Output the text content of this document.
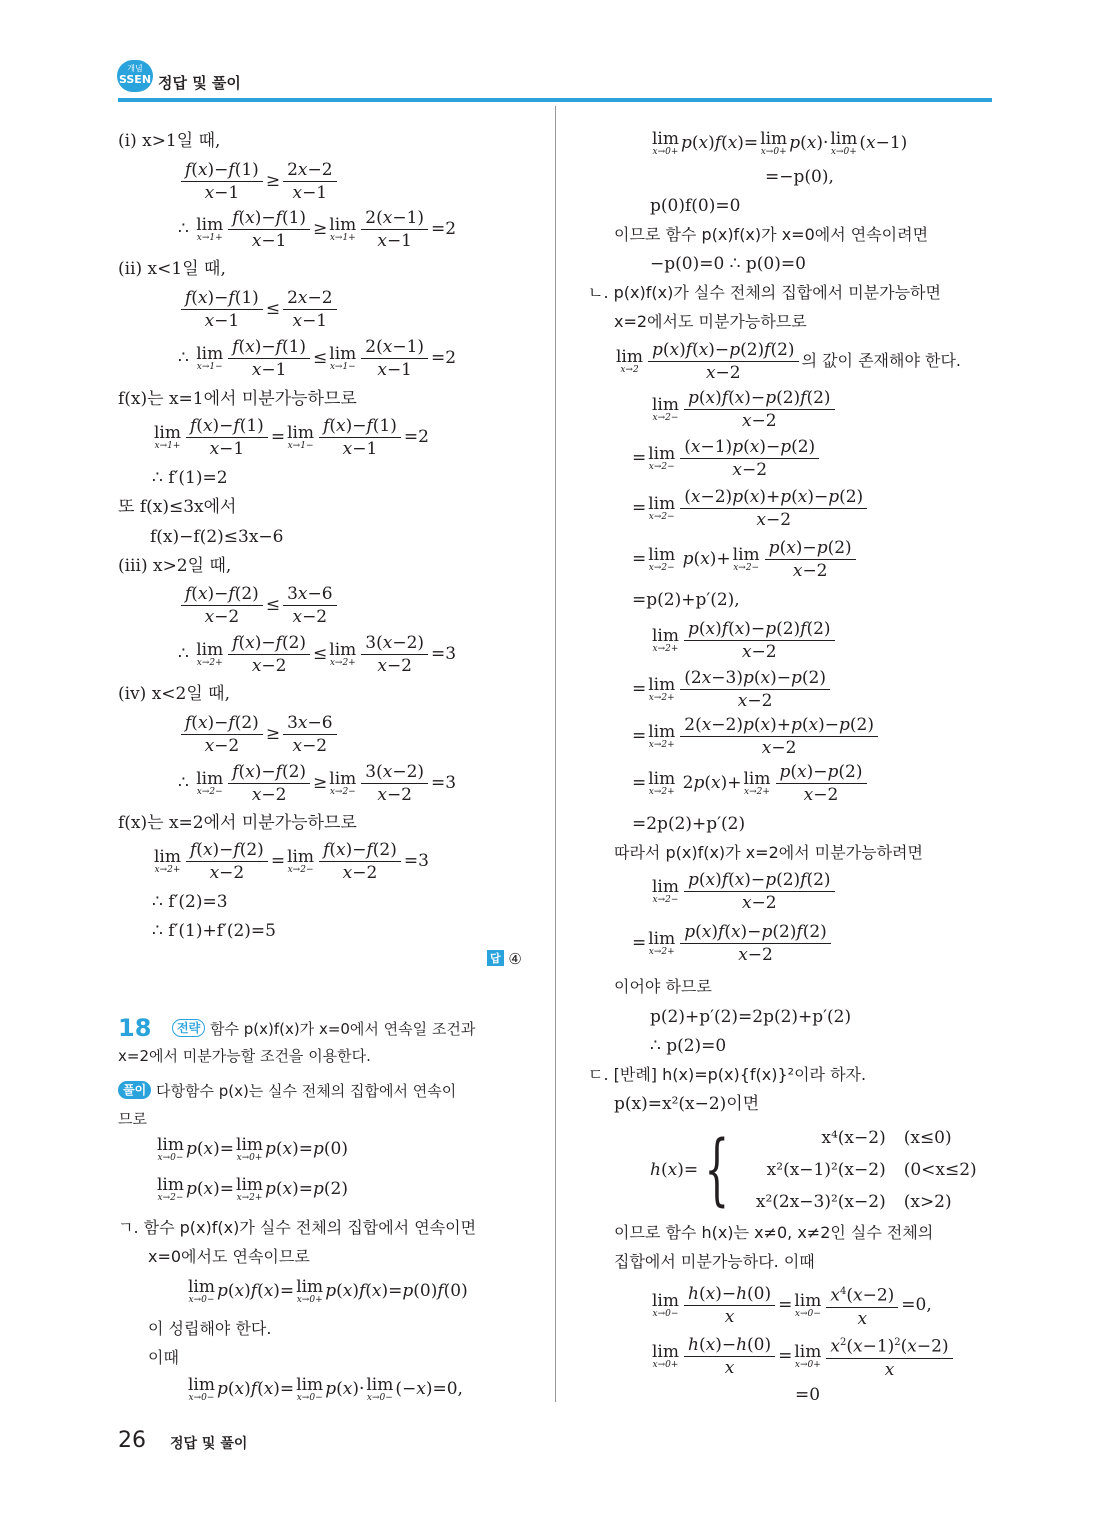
개념
SSEN 정답 및 풀이
(ⅰ) x>1일 때,
$\frac{f(x)-f(1)}{x-1} \ge \frac{2x-2}{x-1}$
∴ lim
$x\to 1+ \frac{f(x)-f(1)}{x-1} \ge \lim$
$x\to 1+ \frac{2(x-1)}{x-1} =2$
(ⅱ) x<1일 때,
$\frac{f(x)-f(1)}{x-1} \le \frac{2x-2}{x-1}$
∴ lim
$x\to 1- \frac{f(x)-f(1)}{x-1} \le \lim$
$x\to 1- \frac{2(x-1)}{x-1} =2$
f(x)는 x=1에서 미분가능하므로
lim
$x\to 1+ \frac{f(x)-f(1)}{x-1} = \lim$
$x\to 1- \frac{f(x)-f(1)}{x-1} =2$
∴ f′(1)=2
또 f(x)≤3x에서
f(x)−f(2)≤3x−6
(ⅲ) x>2일 때,
$\frac{f(x)-f(2)}{x-2} \le \frac{3x-6}{x-2}$
∴ lim
$x\to 2+ \frac{f(x)-f(2)}{x-2} \le \lim$
$x\to 2+ \frac{3(x-2)}{x-2} =3$
(ⅳ) x<2일 때,
$\frac{f(x)-f(2)}{x-2} \ge \frac{3x-6}{x-2}$
∴ lim
$x\to 2- \frac{f(x)-f(2)}{x-2} \ge \lim$
$x\to 2- \frac{3(x-2)}{x-2} =3$
f(x)는 x=2에서 미분가능하므로
lim
$x\to 2+ \frac{f(x)-f(2)}{x-2} = \lim$
$x\to 2- \frac{f(x)-f(2)}{x-2} =3$
∴ f′(2)=3
∴ f′(1)+f′(2)=5
답 ④
18	전략 함수 p(x)f(x)가 x=0에서 연속일 조건과
x=2에서 미분가능할 조건을 이용한다.
풀이 다항함수 p(x)는 실수 전체의 집합에서 연속이
므로
lim
x→0− p(x)= lim
x→0+ p(x)=p(0)
lim
x→2− p(x)= lim
x→2+ p(x)=p(2)
ㄱ. 함수 p(x)f(x)가 실수 전체의 집합에서 연속이면
x=0에서도 연속이므로
lim
x→0− p(x)f(x)= lim
x→0+ p(x)f(x)=p(0)f(0)
이 성립해야 한다.
이때
lim
x→0− p(x)f(x)= lim
x→0− p(x)· lim
x→0− (−x)=0,
lim
x→0+ p(x)f(x)= lim
x→0+ p(x)· lim
x→0+ (x−1)
=−p(0),
p(0)f(0)=0
이므로 함수 p(x)f(x)가 x=0에서 연속이려면
−p(0)=0 ∴ p(0)=0
ㄴ. p(x)f(x)가 실수 전체의 집합에서 미분가능하면
x=2에서도 미분가능하므로
lim
$x\to 2 \frac{p(x)f(x)-p(2)f(2)}{x-2}$ 의 값이 존재해야 한다.
lim
$x\to 2- \frac{p(x)f(x)-p(2)f(2)}{x-2}$
= lim
$x\to 2- \frac{(x-1)p(x)-p(2)}{x-2}$
= lim
$x\to 2- \frac{(x-2)p(x)+p(x)-p(2)}{x-2}$
= lim
x→2− p(x)+ lim
$x\to 2- \frac{p(x)-p(2)}{x-2}$
=p(2)+p′(2),
lim
$x\to 2+ \frac{p(x)f(x)-p(2)f(2)}{x-2}$
= lim
$x\to 2+ \frac{(2x-3)p(x)-p(2)}{x-2}$
= lim
$x\to 2+ \frac{2(x-2)p(x)+p(x)-p(2)}{x-2}$
= lim
x→2+ 2p(x)+ lim
$x\to 2+ \frac{p(x)-p(2)}{x-2}$
=2p(2)+p′(2)
따라서 p(x)f(x)가 x=2에서 미분가능하려면
lim
$x\to 2- \frac{p(x)f(x)-p(2)f(2)}{x-2}$
= lim
$x\to 2+ \frac{p(x)f(x)-p(2)f(2)}{x-2}$
이어야 하므로
p(2)+p′(2)=2p(2)+p′(2)
∴ p(2)=0
ㄷ. [반례] h(x)=p(x){f(x)}²이라 하자.
p(x)=x²(x−2)이면
h(x)={	x⁴(x−2)
x²(x−1)²(x−2)
x²(2x−3)²(x−2)(x≤0)
(0<x≤2)
(x>2)
이므로 함수 h(x)는 x≠0, x≠2인 실수 전체의
집합에서 미분가능하다. 이때
lim
$x\to 0- \frac{h(x)-h(0)}{x} = \lim$
$x\to 0- \frac{x^4(x-2)}{x} =0$,
lim
$x\to 0+ \frac{h(x)-h(0)}{x} = \lim$
$x\to 0+ \frac{x^2(x-1)^2(x-2)}{x}$
=0
26 정답 및 풀이
